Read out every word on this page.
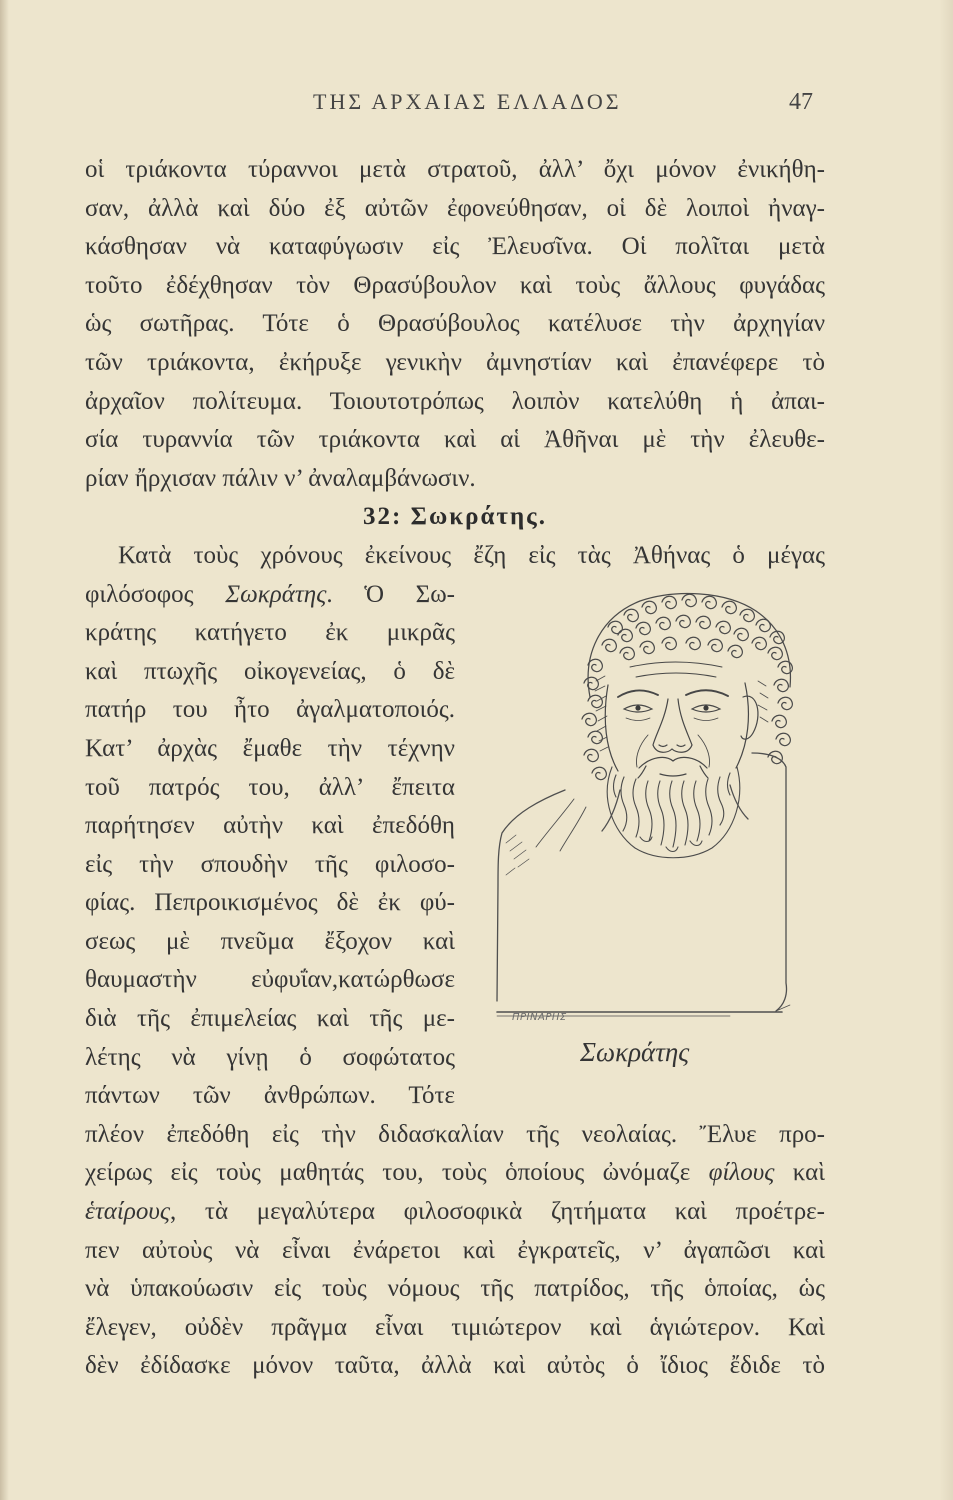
ΤΗΣ ΑΡΧΑΙΑΣ ΕΛΛΑΔΟΣ	47
οἱ τριάκοντα τύραννοι μετὰ στρατοῦ, ἀλλ’ ὄχι μόνον ἐνικήθη-
σαν, ἀλλὰ καὶ δύο ἐξ αὐτῶν ἐφονεύθησαν, οἱ δὲ λοιποὶ ἠναγ-
κάσθησαν νὰ καταφύγωσιν εἰς Ἐλευσῖνα. Οἱ πολῖται μετὰ
τοῦτο ἐδέχθησαν τὸν Θρασύβουλον καὶ τοὺς ἄλλους φυγάδας
ὡς σωτῆρας. Τότε ὁ Θρασύβουλος κατέλυσε τὴν ἀρχηγίαν
τῶν τριάκοντα, ἐκήρυξε γενικὴν ἀμνηστίαν καὶ ἐπανέφερε τὸ
ἀρχαῖον πολίτευμα. Τοιουτοτρόπως λοιπὸν κατελύθη ἡ ἀπαι-
σία τυραννία τῶν τριάκοντα καὶ αἱ Ἀθῆναι μὲ τὴν ἐλευθε-
ρίαν ἤρχισαν πάλιν ν’ ἀναλαμβάνωσιν.
32: Σωκράτης.
Κατὰ τοὺς χρόνους ἐκείνους ἔζη εἰς τὰς Ἀθήνας ὁ μέγας
φιλόσοφος Σωκράτης. Ὁ Σω-
κράτης κατήγετο ἐκ μικρᾶς
καὶ πτωχῆς οἰκογενείας, ὁ δὲ
πατήρ του ἦτο ἀγαλματοποιός.
Κατ’ ἀρχὰς ἔμαθε τὴν τέχνην
τοῦ πατρός του, ἀλλ’ ἔπειτα
παρήτησεν αὐτὴν καὶ ἐπεδόθη
εἰς τὴν σπουδὴν τῆς φιλοσο-
φίας. Πεπροικισμένος δὲ ἐκ φύ-
σεως μὲ πνεῦμα ἔξοχον καὶ
θαυμαστὴν εὐφυΐαν,κατώρθωσε
διὰ τῆς ἐπιμελείας καὶ τῆς με-
λέτης νὰ γίνῃ ὁ σοφώτατος
πάντων τῶν ἀνθρώπων. Τότε
πλέον ἐπεδόθη εἰς τὴν διδασκαλίαν τῆς νεολαίας. Ἔλυε προ-
χείρως εἰς τοὺς μαθητάς του, τοὺς ὁποίους ὠνόμαζε φίλους καὶ
ἑταίρους, τὰ μεγαλύτερα φιλοσοφικὰ ζητήματα καὶ προέτρε-
πεν αὐτοὺς νὰ εἶναι ἐνάρετοι καὶ ἐγκρατεῖς, ν’ ἀγαπῶσι καὶ
νὰ ὑπακούωσιν εἰς τοὺς νόμους τῆς πατρίδος, τῆς ὁποίας, ὡς
ἔλεγεν, οὐδὲν πρᾶγμα εἶναι τιμιώτερον καὶ ἁγιώτερον. Καὶ
δὲν ἐδίδασκε μόνον ταῦτα, ἀλλὰ καὶ αὐτὸς ὁ ἴδιος ἔδιδε τὸ
ΠΡΙΝΑΡΗΣ
Σωκράτης
